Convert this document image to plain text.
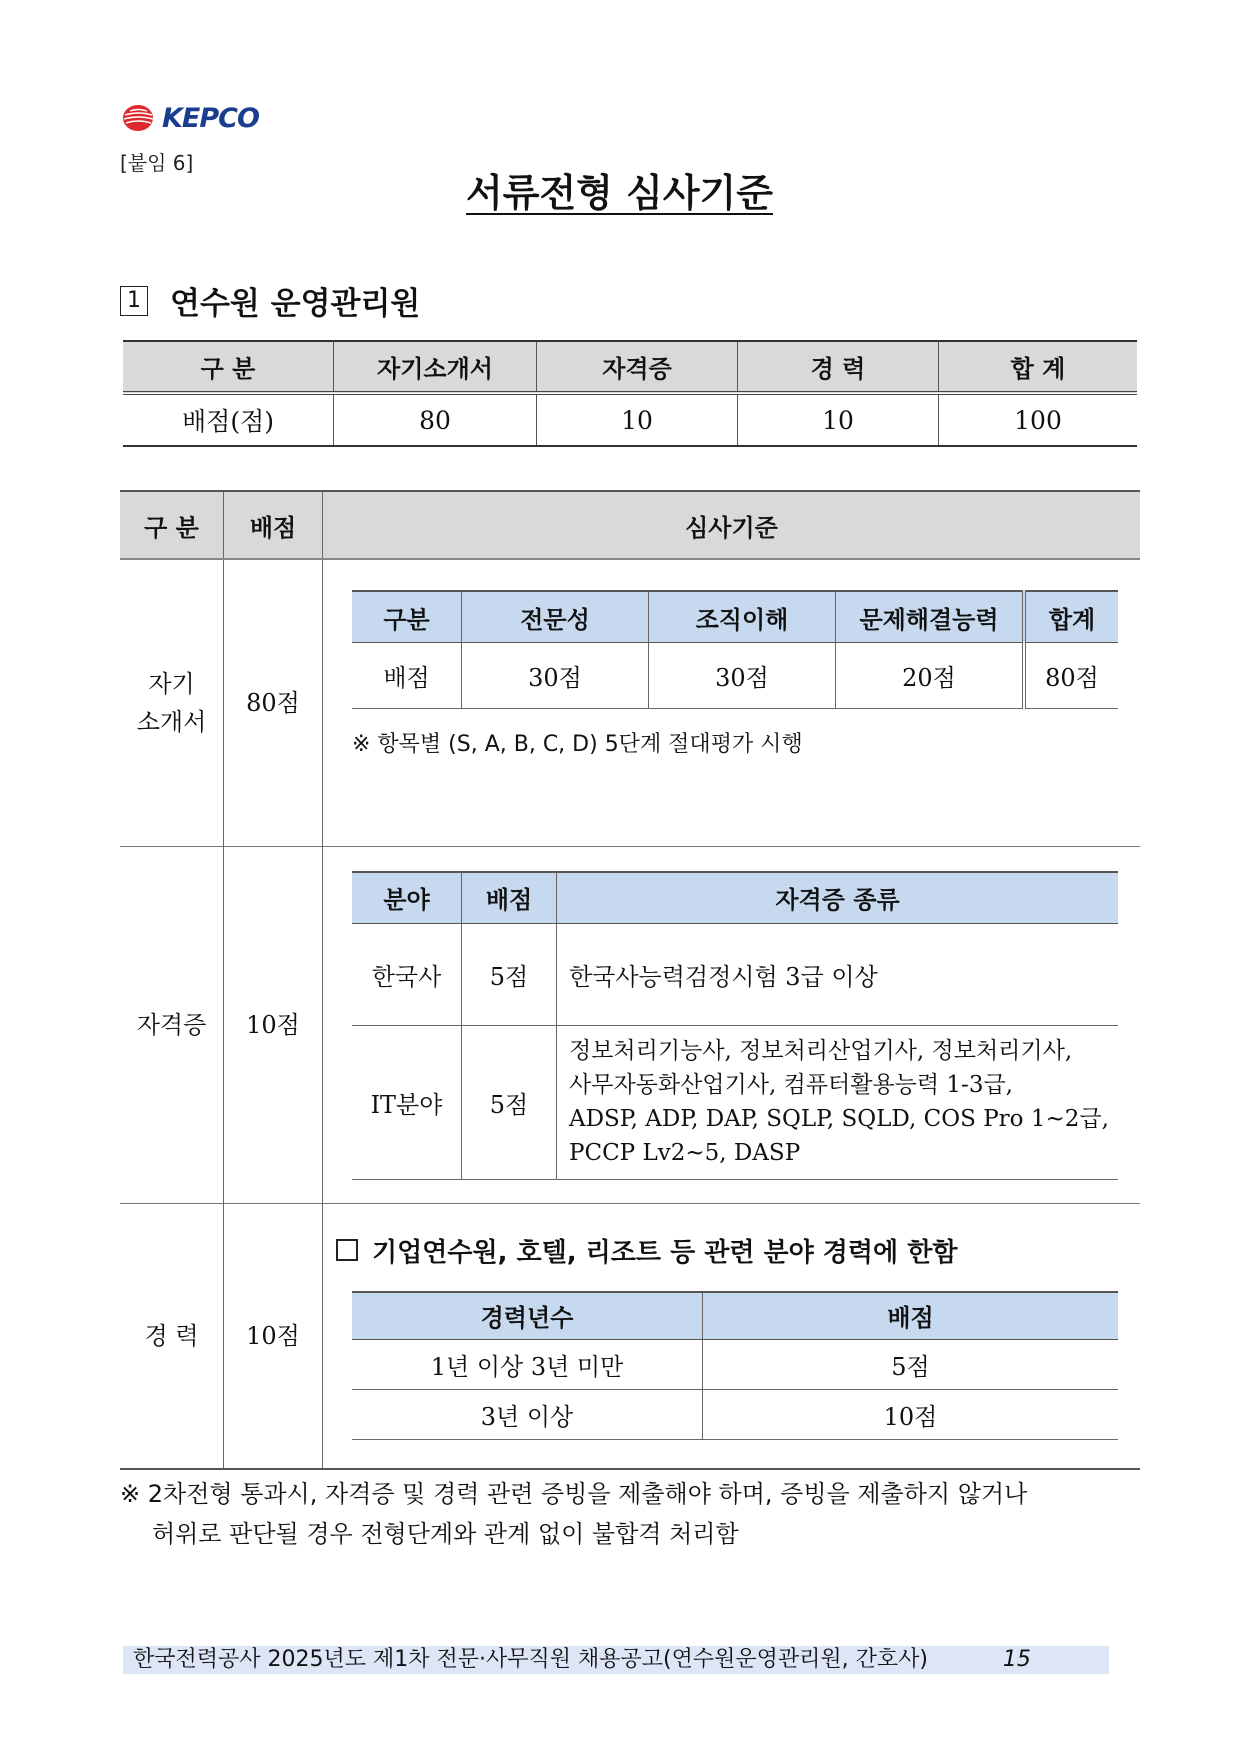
KEPCO
[붙임 6]
서류전형 심사기준
1 연수원 운영관리원
구 분	자기소개서	자격증	경 력	합 계
배점(점)	80	10	10	100
구 분	배점	심사기준

자기
소개서
	80점	
구분	전문성	조직이해	문제해결능력	합계
배점	30점	30점	20점	80점
※ 항목별 (S, A, B, C, D) 5단계 절대평가 시행

자격증	10점	
분야	배점	자격증 종류
한국사	5점	한국사능력검정시험 3급 이상
IT분야	5점	
정보처리기능사, 정보처리산업기사, 정보처리기사,
사무자동화산업기사, 컴퓨터활용능력 1-3급,
ADSP, ADP, DAP, SQLP, SQLD, COS Pro 1~2급,
PCCP Lv2~5, DASP

경 력	10점	
기업연수원, 호텔, 리조트 등 관련 분야 경력에 한함
경력년수	배점
1년 이상 3년 미만	5점
3년 이상	10점
※ 2차전형 통과시, 자격증 및 경력 관련 증빙을 제출해야 하며, 증빙을 제출하지 않거나
허위로 판단될 경우 전형단계와 관계 없이 불합격 처리함
한국전력공사 2025년도 제1차 전문·사무직원 채용공고(연수원운영관리원, 간호사)	15
